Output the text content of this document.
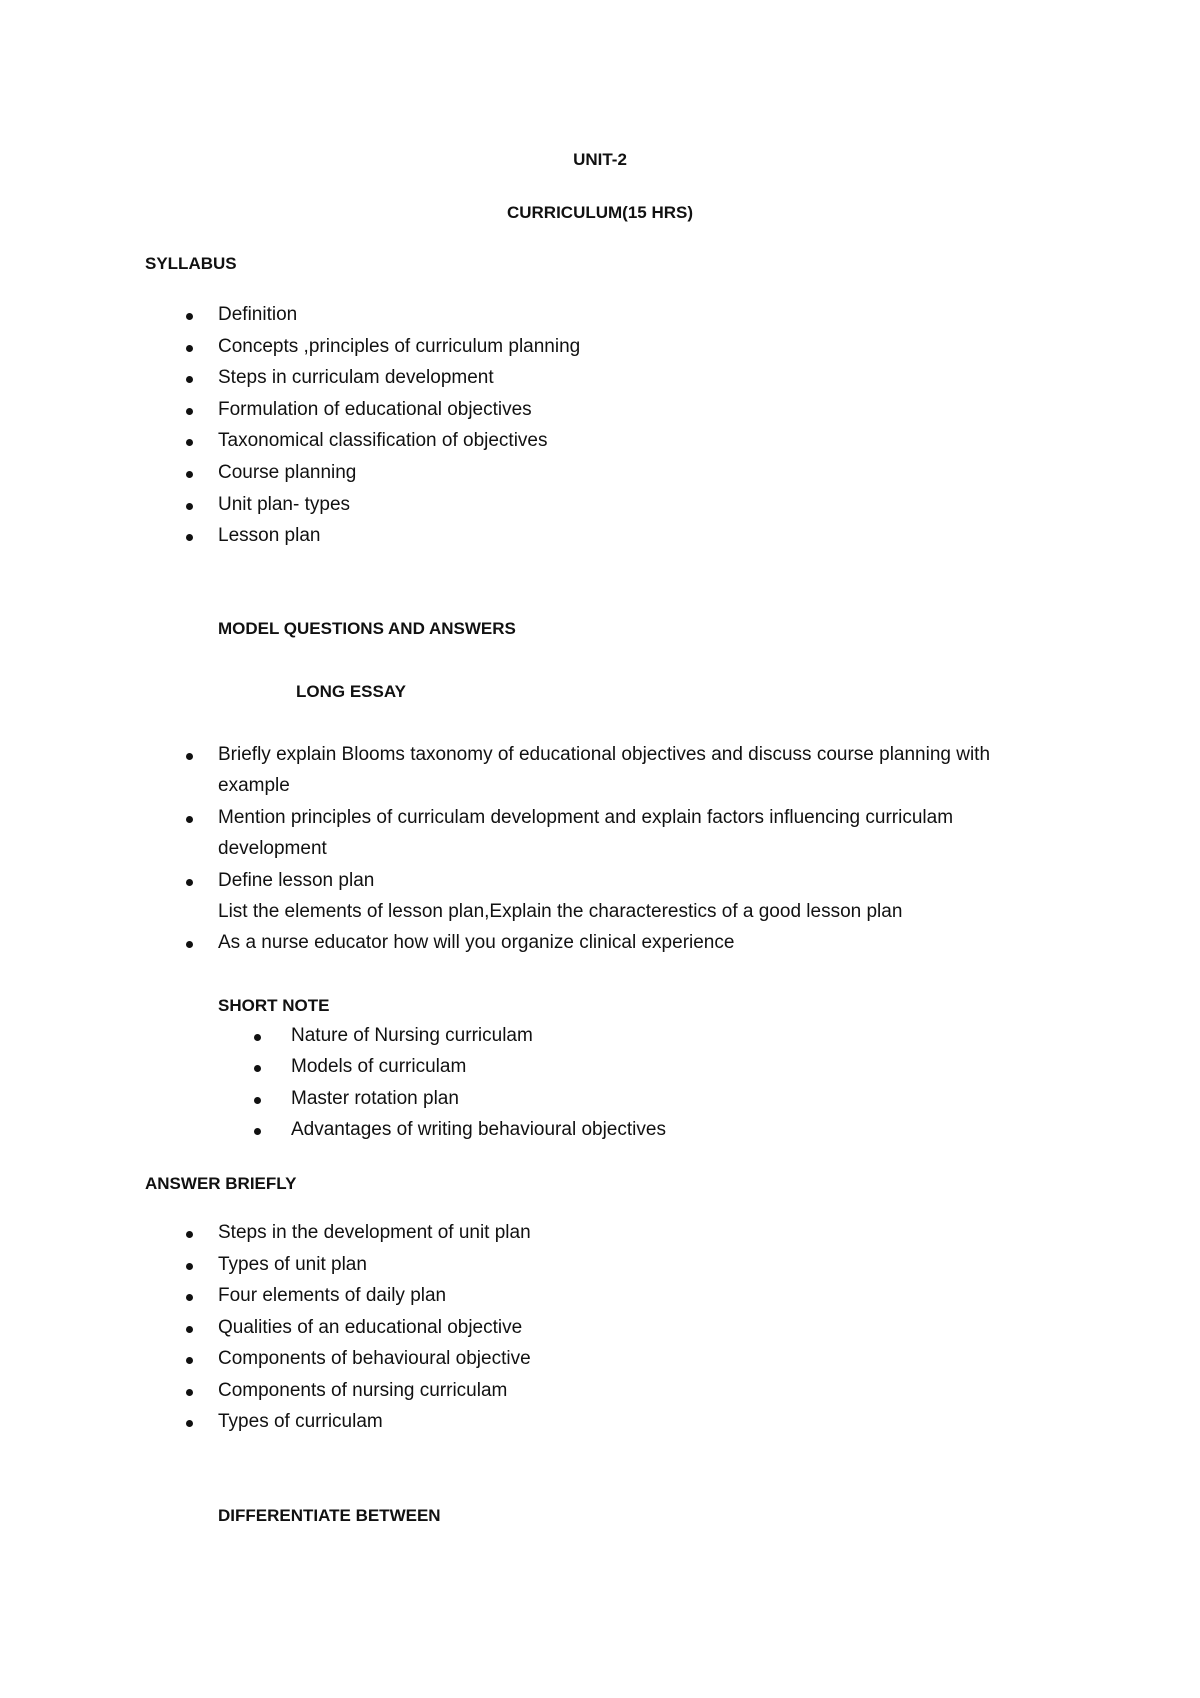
UNIT-2
CURRICULUM(15 HRS)
SYLLABUS
Definition
Concepts ,principles of curriculum planning
Steps in curriculam development
Formulation of educational objectives
Taxonomical classification of objectives
Course planning
Unit plan- types
Lesson plan
MODEL QUESTIONS AND ANSWERS
LONG ESSAY
Briefly explain Blooms taxonomy of educational objectives and discuss course planning with
example
Mention principles of curriculam development and explain factors influencing curriculam
development
Define lesson plan
List the elements of lesson plan,Explain the characterestics of a good lesson plan
As a nurse educator how will you organize clinical experience
SHORT NOTE
Nature of Nursing curriculam
Models of curriculam
Master rotation plan
Advantages of writing behavioural objectives
ANSWER BRIEFLY
Steps in the development of unit plan
Types of unit plan
Four elements of daily plan
Qualities of an educational objective
Components of behavioural objective
Components of nursing curriculam
Types of curriculam
DIFFERENTIATE BETWEEN
